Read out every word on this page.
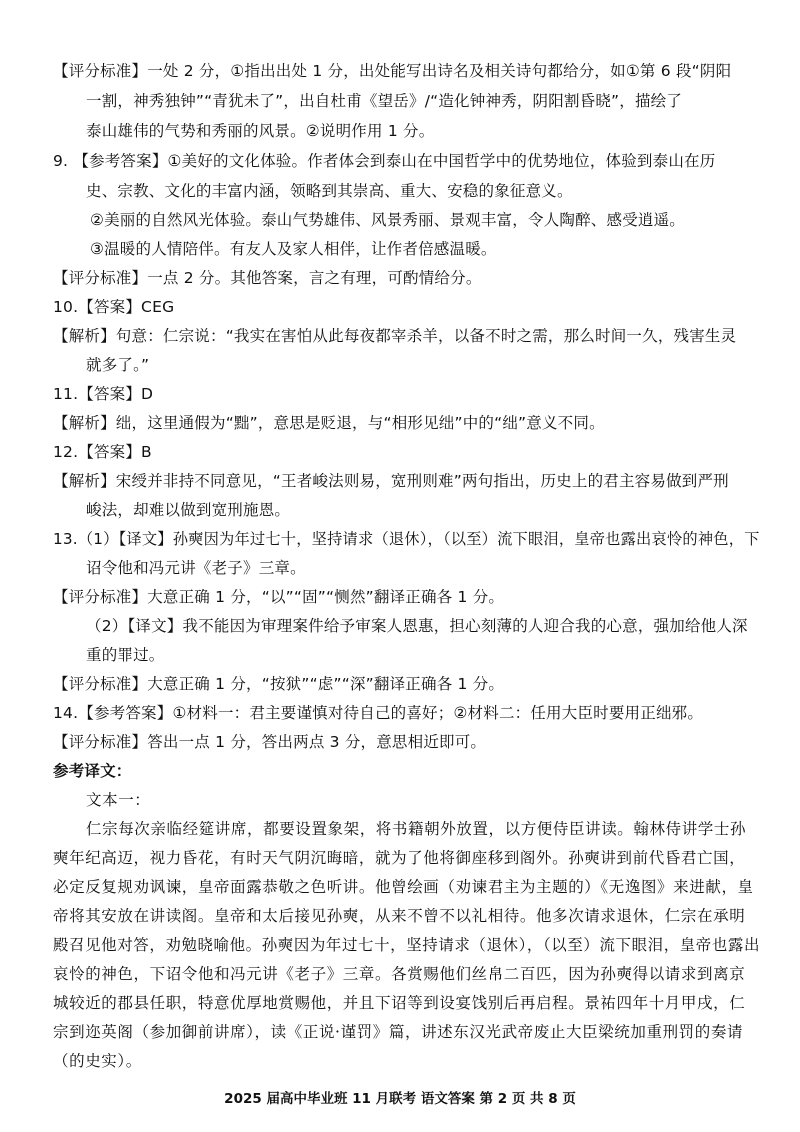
【评分标准】一处 2 分，①指出出处 1 分，出处能写出诗名及相关诗句都给分，如①第 6 段“阴阳
一割，神秀独钟”“青犹未了”，出自杜甫《望岳》/“造化钟神秀，阴阳割昏晓”，描绘了
泰山雄伟的气势和秀丽的风景。②说明作用 1 分。
9. 【参考答案】①美好的文化体验。作者体会到泰山在中国哲学中的优势地位，体验到泰山在历
史、宗教、文化的丰富内涵，领略到其崇高、重大、安稳的象征意义。
②美丽的自然风光体验。泰山气势雄伟、风景秀丽、景观丰富，令人陶醉、感受逍遥。
③温暖的人情陪伴。有友人及家人相伴，让作者倍感温暖。
【评分标准】一点 2 分。其他答案，言之有理，可酌情给分。
10.【答案】CEG
【解析】句意：仁宗说：“我实在害怕从此每夜都宰杀羊，以备不时之需，那么时间一久，残害生灵
就多了。”
11.【答案】D
【解析】绌，这里通假为“黜”，意思是贬退，与“相形见绌”中的“绌”意义不同。
12.【答案】B
【解析】宋绶并非持不同意见，“王者峻法则易，宽刑则难”两句指出，历史上的君主容易做到严刑
峻法，却难以做到宽刑施恩。
13.（1）【译文】孙奭因为年过七十，坚持请求（退休），（以至）流下眼泪，皇帝也露出哀怜的神色，下
诏令他和冯元讲《老子》三章。
【评分标准】大意正确 1 分，“以”“固”“恻然”翻译正确各 1 分。
（2）【译文】我不能因为审理案件给予审案人恩惠，担心刻薄的人迎合我的心意，强加给他人深
重的罪过。
【评分标准】大意正确 1 分，“按狱”“虑”“深”翻译正确各 1 分。
14.【参考答案】①材料一：君主要谨慎对待自己的喜好；②材料二：任用大臣时要用正绌邪。
【评分标准】答出一点 1 分，答出两点 3 分，意思相近即可。
参考译文：
文本一：
仁宗每次亲临经筵讲席，都要设置象架，将书籍朝外放置，以方便侍臣讲读。翰林侍讲学士孙
奭年纪高迈，视力昏花，有时天气阴沉晦暗，就为了他将御座移到阁外。孙奭讲到前代昏君亡国，
必定反复规劝讽谏，皇帝面露恭敬之色听讲。他曾绘画（劝谏君主为主题的）《无逸图》来进献，皇
帝将其安放在讲读阁。皇帝和太后接见孙奭，从来不曾不以礼相待。他多次请求退休，仁宗在承明
殿召见他对答，劝勉晓喻他。孙奭因为年过七十，坚持请求（退休），（以至）流下眼泪，皇帝也露出
哀怜的神色，下诏令他和冯元讲《老子》三章。各赏赐他们丝帛二百匹，因为孙奭得以请求到离京
城较近的郡县任职，特意优厚地赏赐他，并且下诏等到设宴饯别后再启程。景祐四年十月甲戌，仁
宗到迩英阁（参加御前讲席），读《正说·谨罚》篇，讲述东汉光武帝废止大臣梁统加重刑罚的奏请
（的史实）。
2025 届高中毕业班 11 月联考 语文答案 第 2 页 共 8 页
